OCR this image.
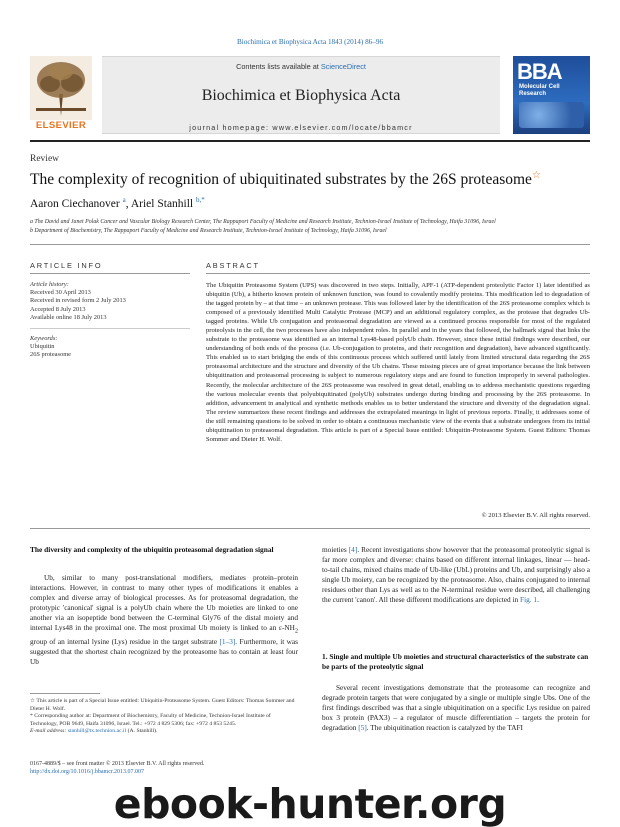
Biochimica et Biophysica Acta 1843 (2014) 86–96
ELSEVIER
Contents lists available at ScienceDirect
Biochimica et Biophysica Acta
journal homepage: www.elsevier.com/locate/bbamcr
BBA
Molecular Cell Research
Review
The complexity of recognition of ubiquitinated substrates by the 26S proteasome☆
Aaron Ciechanover $^a$, Ariel Stanhill $^{b,*}$
a The David and Janet Polak Cancer and Vascular Biology Research Center, The Rappaport Faculty of Medicine and Research Institute, Technion-Israel Institute of Technology, Haifa 31096, Israel
b Department of Biochemistry, The Rappaport Faculty of Medicine and Research Institute, Technion-Israel Institute of Technology, Haifa 31096, Israel
ARTICLE INFO
Article history:
Received 30 April 2013
Received in revised form 2 July 2013
Accepted 8 July 2013
Available online 18 July 2013
Keywords:
Ubiquitin
26S proteasome
ABSTRACT
The Ubiquitin Proteasome System (UPS) was discovered in two steps. Initially, APF-1 (ATP-dependent proteolytic Factor 1) later identified as ubiquitin (Ub), a hitherto known protein of unknown function, was found to covalently modify proteins. This modification led to degradation of the tagged protein by – at that time – an unknown protease. This was followed later by the identification of the 26S proteasome complex which is composed of a previously identified Multi Catalytic Protease (MCP) and an additional regulatory complex, as the protease that degrades Ub-tagged proteins. While Ub conjugation and proteasomal degradation are viewed as a continued process responsible for most of the regulated proteolysis in the cell, the two processes have also independent roles. In parallel and in the years that followed, the hallmark signal that links the substrate to the proteasome was identified as an internal Lys48-based polyUb chain. However, since these initial findings were described, our understanding of both ends of the process (i.e. Ub-conjugation to proteins, and their recognition and degradation), have advanced significantly. This enabled us to start bridging the ends of this continuous process which suffered until lately from limited structural data regarding the 26S proteasomal architecture and the structure and diversity of the Ub chains. These missing pieces are of great importance because the link between ubiquitination and proteasomal processing is subject to numerous regulatory steps and are found to function improperly in several pathologies. Recently, the molecular architecture of the 26S proteasome was resolved in great detail, enabling us to address mechanistic questions regarding the various molecular events that polyubiquitinated (polyUb) substrates undergo during binding and processing by the 26S proteasome. In addition, advancement in analytical and synthetic methods enables us to better understand the structure and diversity of the degradation signal. The review summarizes these recent findings and addresses the extrapolated meanings in light of previous reports. Finally, it addresses some of the still remaining questions to be solved in order to obtain a continuous mechanistic view of the events that a substrate undergoes from its initial ubiquitination to proteasomal degradation. This article is part of a Special Issue entitled: Ubiquitin-Proteasome System. Guest Editors: Thomas Sommer and Dieter H. Wolf.
© 2013 Elsevier B.V. All rights reserved.
The diversity and complexity of the ubiquitin proteasomal degradation signal
Ub, similar to many post-translational modifiers, mediates protein–protein interactions. However, in contrast to many other types of modifications it enables a complex and diverse array of biological processes. As for proteasomal degradation, the prototypic 'canonical' signal is a polyUb chain where the Ub moieties are linked to one another via an isopeptide bond between the C-terminal Gly76 of the distal moiety and internal Lys48 in the proximal one. The most proximal Ub moiety is linked to an $\varepsilon-NH_2$ group of an internal lysine (Lys) residue in the target substrate [1–3]. Furthermore, it was suggested that the shortest chain recognized by the proteasome has to contain at least four Ub
☆ This article is part of a Special Issue entitled: Ubiquitin-Proteasome System. Guest Editors: Thomas Sommer and Dieter H. Wolf.
* Corresponding author at: Department of Biochemistry, Faculty of Medicine, Technion-Israel Institute of Technology, POB 9649, Haifa 31096, Israel. Tel.: +972 4 829 5306; fax: +972 4 853 5245.
E-mail address: stanhill@tx.technion.ac.il (A. Stanhill).
0167-4889/$ – see front matter © 2013 Elsevier B.V. All rights reserved.
http://dx.doi.org/10.1016/j.bbamcr.2013.07.007
moieties [4]. Recent investigations show however that the proteasomal proteolytic signal is far more complex and diverse: chains based on different internal linkages, linear — head-to-tail chains, mixed chains made of Ub-like (UbL) proteins and Ub, and surprisingly also a single Ub moiety, can be recognized by the proteasome. Also, chains conjugated to internal residues other than Lys as well as to the N-terminal residue were described, all challenging the current 'canon'. All these different modifications are depicted in Fig. 1.
1. Single and multiple Ub moieties and structural characteristics of the substrate can be parts of the proteolytic signal
Several recent investigations demonstrate that the proteasome can recognize and degrade protein targets that were conjugated by a single or multiple single Ubs. One of the first findings described was that a single ubiquitination on a specific Lys residue on paired box 3 protein (PAX3) – a regulator of muscle differentiation – targets the protein for degradation [5]. The ubiquitination reaction is catalyzed by the TAFI
ebook-hunter.org
